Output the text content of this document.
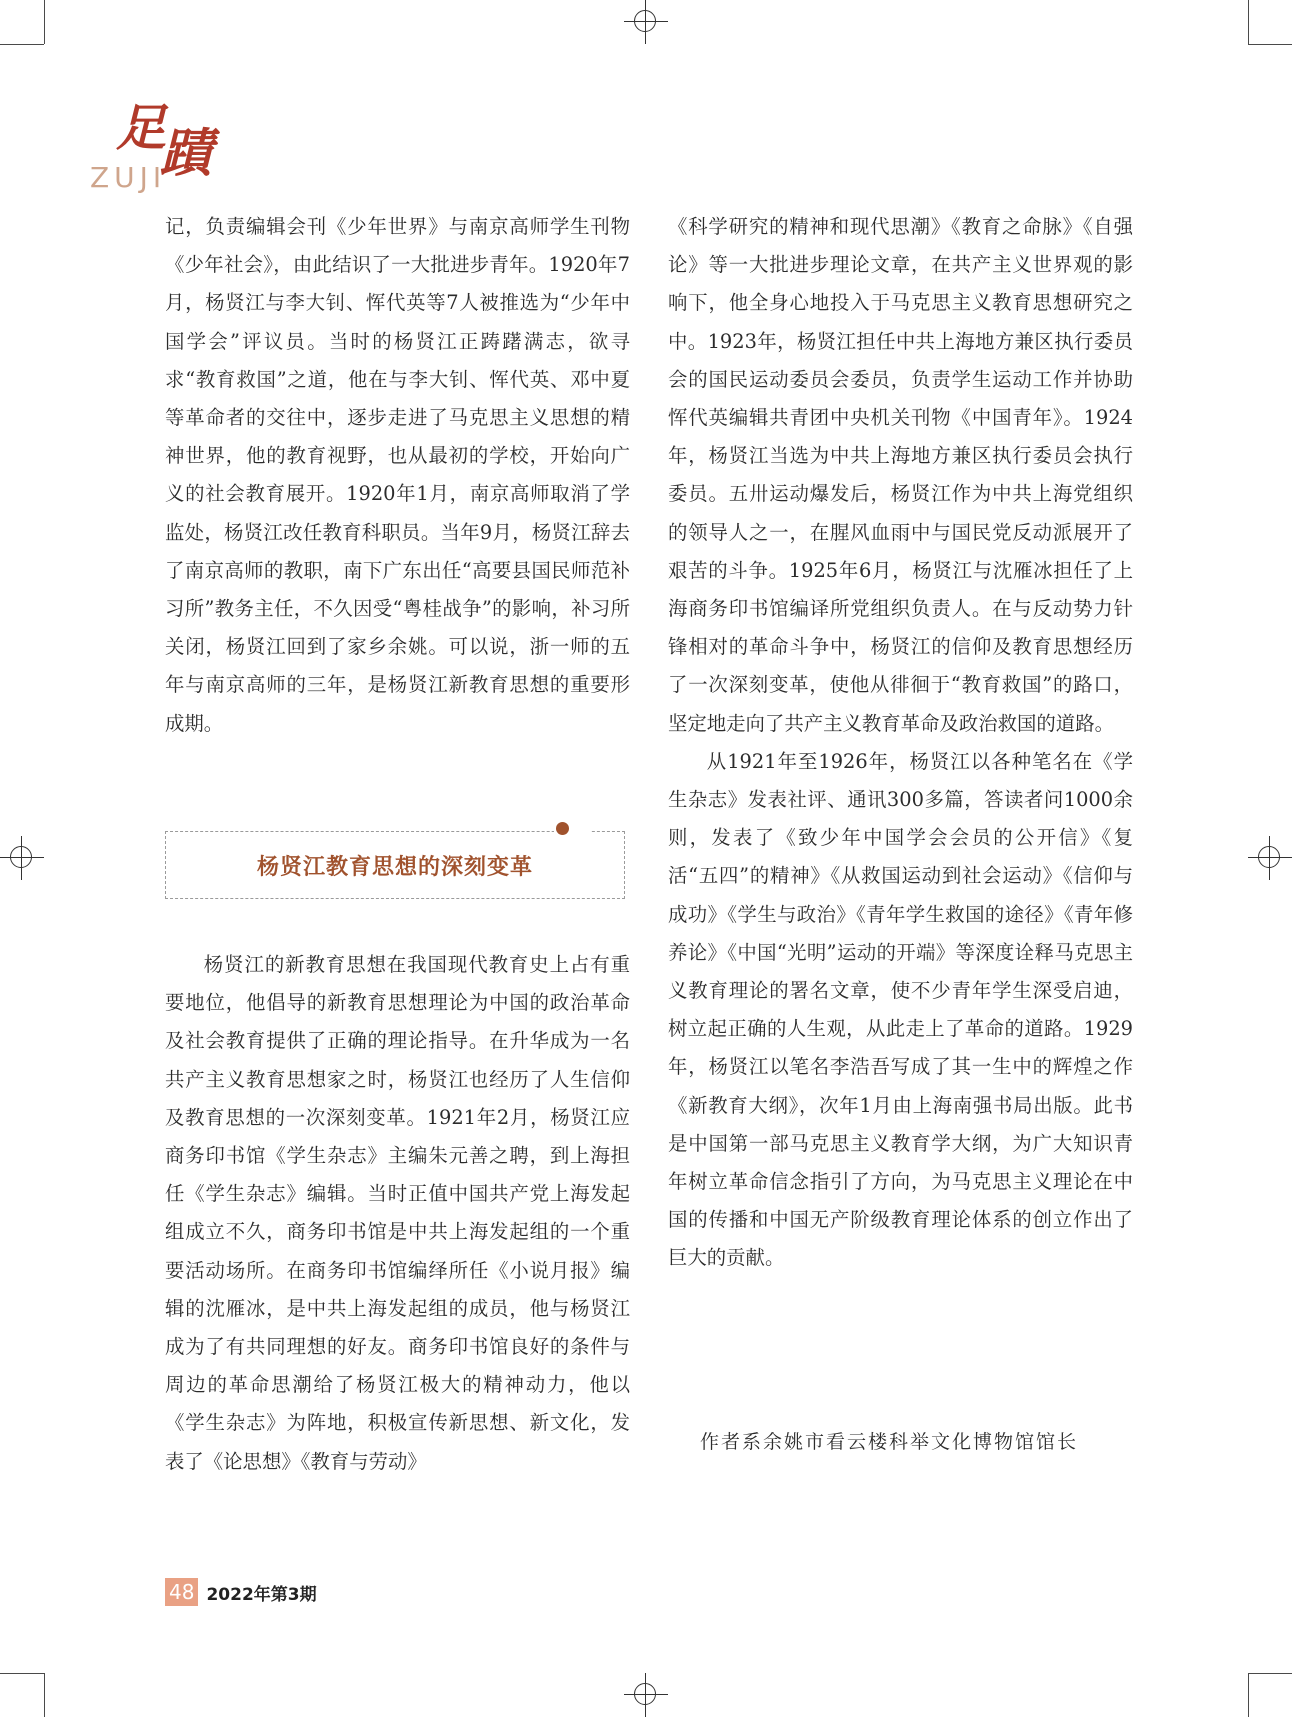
足蹟
ZUJI

记，负责编辑会刊《少年世界》与南京高师学生刊物《少年社会》，由此结识了一大批进步青年。1920年7月，杨贤江与李大钊、恽代英等7人被推选为“少年中国学会”评议员。当时的杨贤江正踌躇满志，欲寻求“教育救国”之道，他在与李大钊、恽代英、邓中夏等革命者的交往中，逐步走进了马克思主义思想的精神世界，他的教育视野，也从最初的学校，开始向广义的社会教育展开。1920年1月，南京高师取消了学监处，杨贤江改任教育科职员。当年9月，杨贤江辞去了南京高师的教职，南下广东出任“高要县国民师范补习所”教务主任，不久因受“粤桂战争”的影响，补习所关闭，杨贤江回到了家乡余姚。可以说，浙一师的五年与南京高师的三年，是杨贤江新教育思想的重要形成期。

杨贤江教育思想的深刻变革

杨贤江的新教育思想在我国现代教育史上占有重要地位，他倡导的新教育思想理论为中国的政治革命及社会教育提供了正确的理论指导。在升华成为一名共产主义教育思想家之时，杨贤江也经历了人生信仰及教育思想的一次深刻变革。1921年2月，杨贤江应商务印书馆《学生杂志》主编朱元善之聘，到上海担任《学生杂志》编辑。当时正值中国共产党上海发起组成立不久，商务印书馆是中共上海发起组的一个重要活动场所。在商务印书馆编绎所任《小说月报》编辑的沈雁冰，是中共上海发起组的成员，他与杨贤江成为了有共同理想的好友。商务印书馆良好的条件与周边的革命思潮给了杨贤江极大的精神动力，他以《学生杂志》为阵地，积极宣传新思想、新文化，发表了《论思想》《教育与劳动》

《科学研究的精神和现代思潮》《教育之命脉》《自强论》等一大批进步理论文章，在共产主义世界观的影响下，他全身心地投入于马克思主义教育思想研究之中。1923年，杨贤江担任中共上海地方兼区执行委员会的国民运动委员会委员，负责学生运动工作并协助恽代英编辑共青团中央机关刊物《中国青年》。1924年，杨贤江当选为中共上海地方兼区执行委员会执行委员。五卅运动爆发后，杨贤江作为中共上海党组织的领导人之一，在腥风血雨中与国民党反动派展开了艰苦的斗争。1925年6月，杨贤江与沈雁冰担任了上海商务印书馆编译所党组织负责人。在与反动势力针锋相对的革命斗争中，杨贤江的信仰及教育思想经历了一次深刻变革，使他从徘徊于“教育救国”的路口，坚定地走向了共产主义教育革命及政治救国的道路。

从1921年至1926年，杨贤江以各种笔名在《学生杂志》发表社评、通讯300多篇，答读者问1000余则，发表了《致少年中国学会会员的公开信》《复活“五四”的精神》《从救国运动到社会运动》《信仰与成功》《学生与政治》《青年学生救国的途径》《青年修养论》《中国“光明”运动的开端》等深度诠释马克思主义教育理论的署名文章，使不少青年学生深受启迪，树立起正确的人生观，从此走上了革命的道路。1929年，杨贤江以笔名李浩吾写成了其一生中的辉煌之作《新教育大纲》，次年1月由上海南强书局出版。此书是中国第一部马克思主义教育学大纲，为广大知识青年树立革命信念指引了方向，为马克思主义理论在中国的传播和中国无产阶级教育理论体系的创立作出了巨大的贡献。

作者系余姚市看云楼科举文化博物馆馆长
48 2022年第3期
